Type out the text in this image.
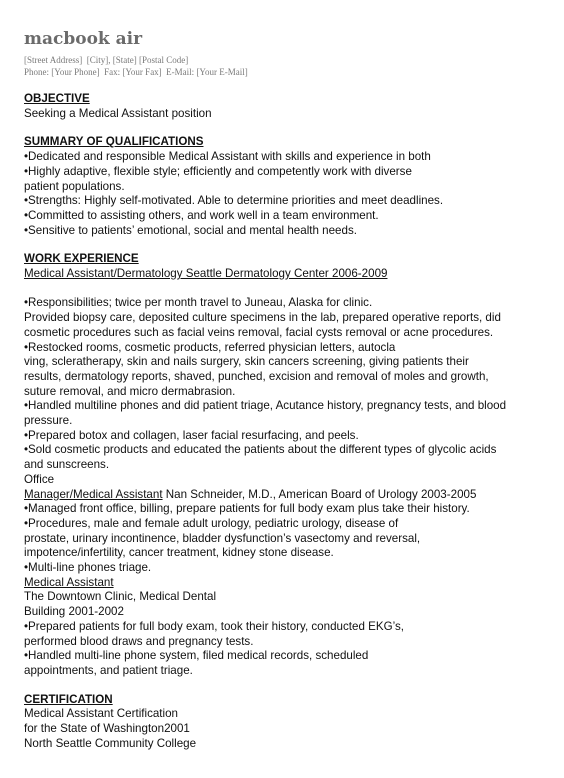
macbook air
[Street Address]  [City], [State] [Postal Code]
Phone: [Your Phone]  Fax: [Your Fax]  E-Mail: [Your E-Mail]
OBJECTIVE
Seeking a Medical Assistant position
SUMMARY OF QUALIFICATIONS
•Dedicated and responsible Medical Assistant with skills and experience in both
•Highly adaptive, flexible style; efficiently and competently work with diverse
patient populations.
•Strengths: Highly self-motivated. Able to determine priorities and meet deadlines.
•Committed to assisting others, and work well in a team environment.
•Sensitive to patients’ emotional, social and mental health needs.
WORK EXPERIENCE
Medical Assistant/Dermatology Seattle Dermatology Center 2006-2009
•Responsibilities; twice per month travel to Juneau, Alaska for clinic.
Provided biopsy care, deposited culture specimens in the lab, prepared operative reports, did
cosmetic procedures such as facial veins removal, facial cysts removal or acne procedures.
•Restocked rooms, cosmetic products, referred physician letters, autocla
ving, scleratherapy, skin and nails surgery, skin cancers screening, giving patients their
results, dermatology reports, shaved, punched, excision and removal of moles and growth,
suture removal, and micro dermabrasion.
•Handled multiline phones and did patient triage, Acutance history, pregnancy tests, and blood
pressure.
•Prepared botox and collagen, laser facial resurfacing, and peels.
•Sold cosmetic products and educated the patients about the different types of glycolic acids
and sunscreens.
Office
Manager/Medical Assistant Nan Schneider, M.D., American Board of Urology 2003-2005
•Managed front office, billing, prepare patients for full body exam plus take their history.
•Procedures, male and female adult urology, pediatric urology, disease of
prostate, urinary incontinence, bladder dysfunction’s vasectomy and reversal,
impotence/infertility, cancer treatment, kidney stone disease.
•Multi-line phones triage.
Medical Assistant
The Downtown Clinic, Medical Dental
Building 2001-2002
•Prepared patients for full body exam, took their history, conducted EKG’s,
performed blood draws and pregnancy tests.
•Handled multi-line phone system, filed medical records, scheduled
appointments, and patient triage.
CERTIFICATION
Medical Assistant Certification
for the State of Washington2001
North Seattle Community College
